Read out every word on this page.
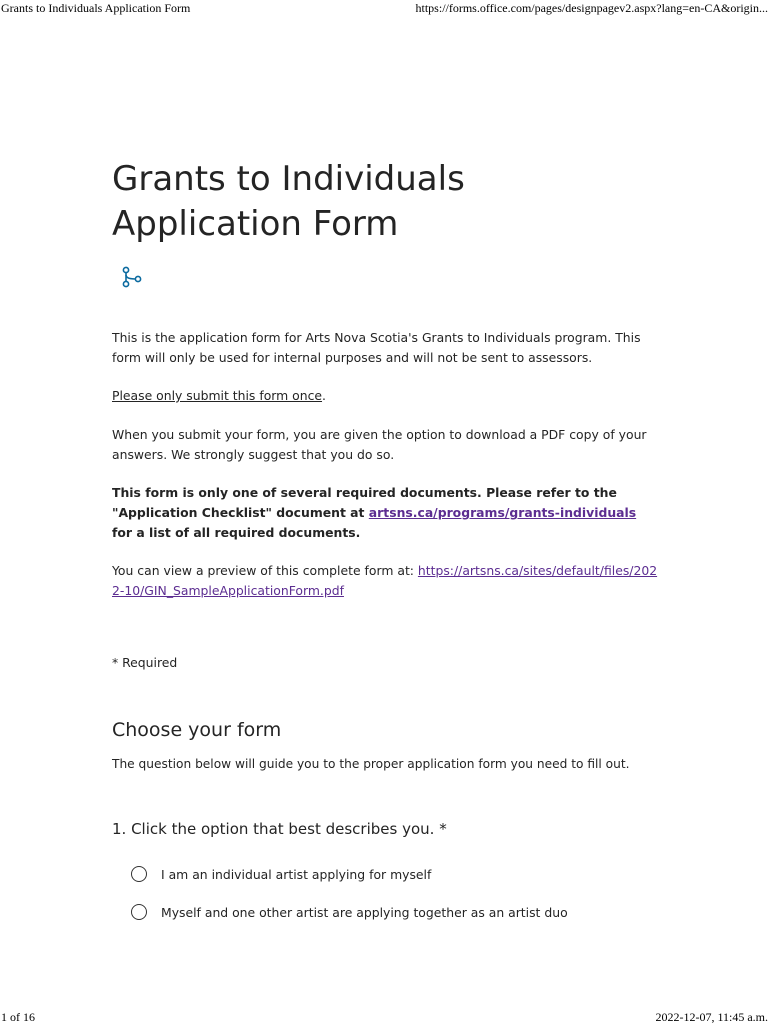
Grants to Individuals Application Form	https://forms.office.com/pages/designpagev2.aspx?lang=en-CA&origin...
Grants to Individuals Application Form

This is the application form for Arts Nova Scotia's Grants to Individuals program. This form will only be used for internal purposes and will not be sent to assessors.

Please only submit this form once.

When you submit your form, you are given the option to download a PDF copy of your answers. We strongly suggest that you do so.

This form is only one of several required documents. Please refer to the "Application Checklist" document at artsns.ca/programs/grants-individuals for a list of all required documents.

You can view a preview of this complete form at: https://artsns.ca/sites/default/files/2022-10/GIN_SampleApplicationForm.pdf

* Required
Choose your form
The question below will guide you to the proper application form you need to fill out.
1. Click the option that best describes you. *
I am an individual artist applying for myself
Myself and one other artist are applying together as an artist duo
1 of 16	2022-12-07, 11:45 a.m.
